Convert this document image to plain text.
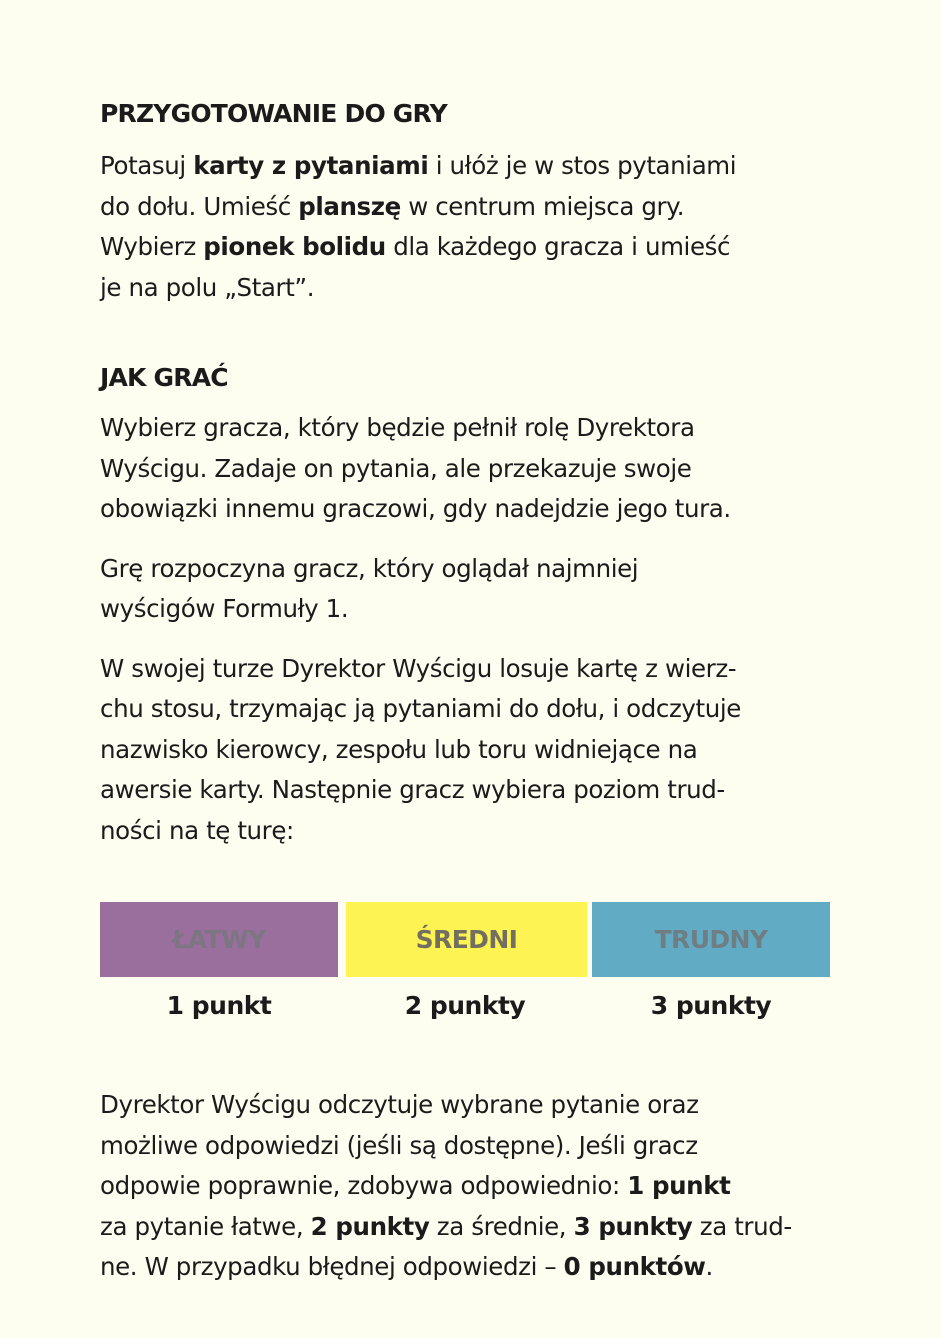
PRZYGOTOWANIE DO GRY
Potasuj karty z pytaniami i ułóż je w stos pytaniami
do dołu. Umieść planszę w centrum miejsca gry.
Wybierz pionek bolidu dla każdego gracza i umieść
je na polu „Start”.
JAK GRAĆ
Wybierz gracza, który będzie pełnił rolę Dyrektora
Wyścigu. Zadaje on pytania, ale przekazuje swoje
obowiązki innemu graczowi, gdy nadejdzie jego tura.
Grę rozpoczyna gracz, który oglądał najmniej
wyścigów Formuły 1.
W swojej turze Dyrektor Wyścigu losuje kartę z wierz-
chu stosu, trzymając ją pytaniami do dołu, i odczytuje
nazwisko kierowcy, zespołu lub toru widniejące na
awersie karty. Następnie gracz wybiera poziom trud-
ności na tę turę:
ŁATWY
1 punkt
ŚREDNI
2 punkty
TRUDNY
3 punkty
Dyrektor Wyścigu odczytuje wybrane pytanie oraz
możliwe odpowiedzi (jeśli są dostępne). Jeśli gracz
odpowie poprawnie, zdobywa odpowiednio: 1 punkt
za pytanie łatwe, 2 punkty za średnie, 3 punkty za trud-
ne. W przypadku błędnej odpowiedzi – 0 punktów.
